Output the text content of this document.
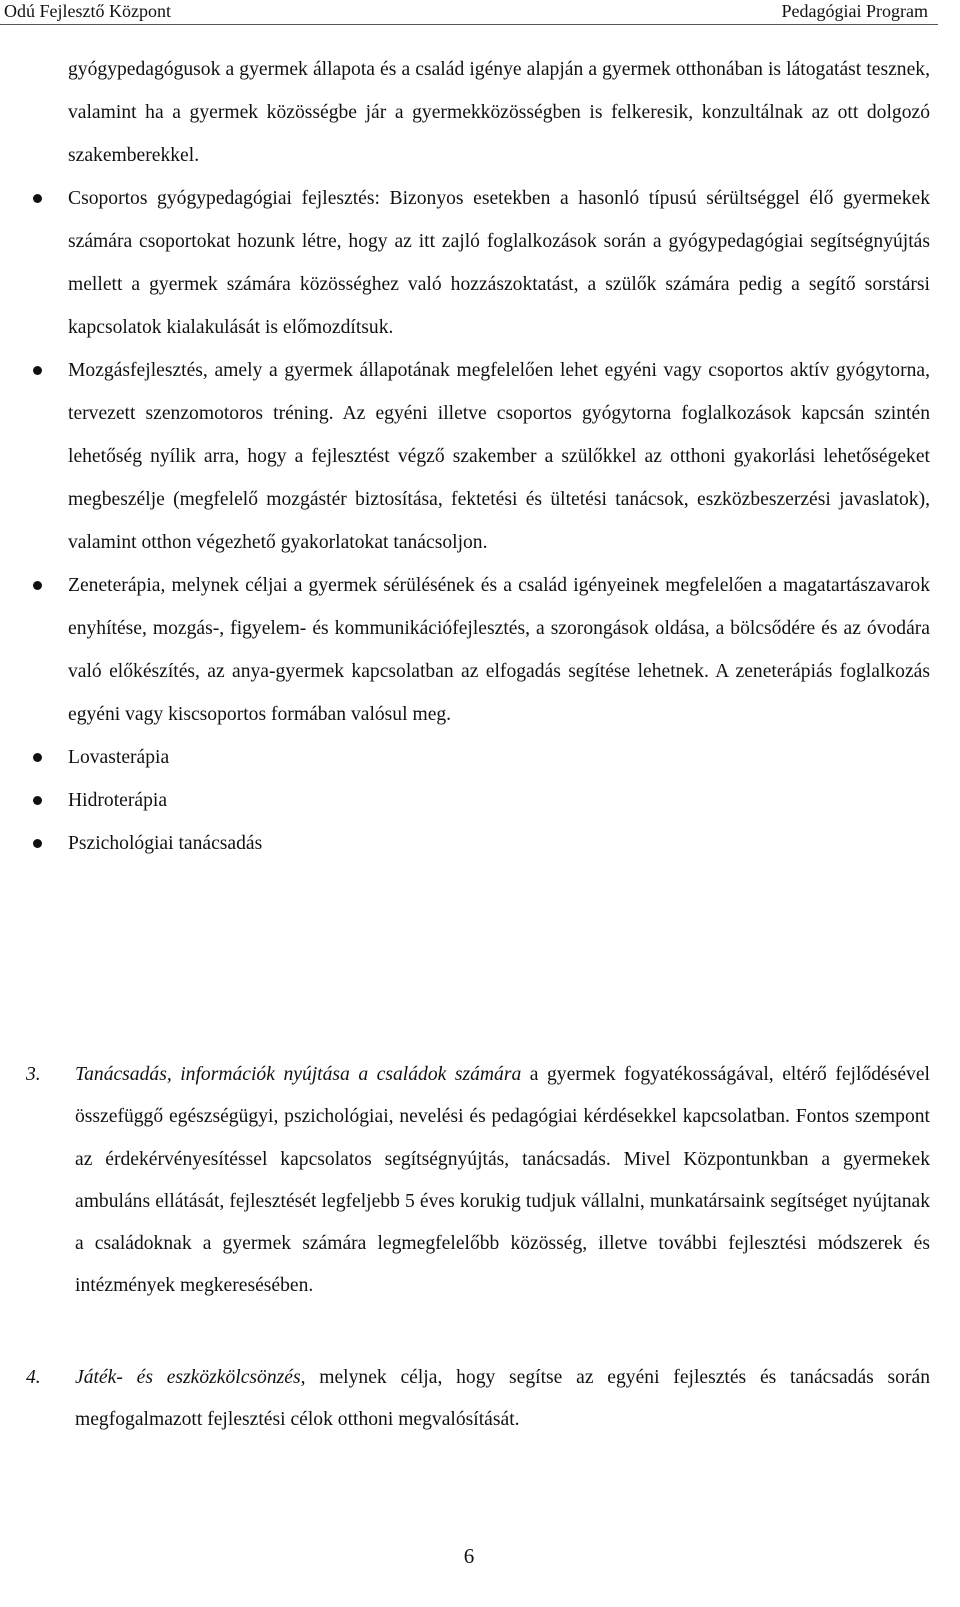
Odú Fejlesztő Központ	Pedagógiai Program

gyógypedagógusok a gyermek állapota és a család igénye alapján a gyermek otthonában is látogatást tesznek, valamint ha a gyermek közösségbe jár a gyermekközösségben is felkeresik, konzultálnak az ott dolgozó szakemberekkel.

Csoportos gyógypedagógiai fejlesztés: Bizonyos esetekben a hasonló típusú sérültséggel élő gyermekek számára csoportokat hozunk létre, hogy az itt zajló foglalkozások során a gyógypedagógiai segítségnyújtás mellett a gyermek számára közösséghez való hozzászoktatást, a szülők számára pedig a segítő sorstársi kapcsolatok kialakulását is előmozdítsuk.
Mozgásfejlesztés, amely a gyermek állapotának megfelelően lehet egyéni vagy csoportos aktív gyógytorna, tervezett szenzomotoros tréning. Az egyéni illetve csoportos gyógytorna foglalkozások kapcsán szintén lehetőség nyílik arra, hogy a fejlesztést végző szakember a szülőkkel az otthoni gyakorlási lehetőségeket megbeszélje (megfelelő mozgástér biztosítása, fektetési és ültetési tanácsok, eszközbeszerzési javaslatok), valamint otthon végezhető gyakorlatokat tanácsoljon.
Zeneterápia, melynek céljai a gyermek sérülésének és a család igényeinek megfelelően a magatartászavarok enyhítése, mozgás-, figyelem- és kommunikációfejlesztés, a szorongások oldása, a bölcsődére és az óvodára való előkészítés, az anya-gyermek kapcsolatban az elfogadás segítése lehetnek. A zeneterápiás foglalkozás egyéni vagy kiscsoportos formában valósul meg.
Lovasterápia
Hidroterápia
Pszichológiai tanácsadás
3. Tanácsadás, információk nyújtása a családok számára a gyermek fogyatékosságával, eltérő fejlődésével összefüggő egészségügyi, pszichológiai, nevelési és pedagógiai kérdésekkel kapcsolatban. Fontos szempont az érdekérvényesítéssel kapcsolatos segítségnyújtás, tanácsadás. Mivel Központunkban a gyermekek ambuláns ellátását, fejlesztését legfeljebb 5 éves korukig tudjuk vállalni, munkatársaink segítséget nyújtanak a családoknak a gyermek számára legmegfelelőbb közösség, illetve további fejlesztési módszerek és intézmények megkeresésében.
4. Játék- és eszközkölcsönzés, melynek célja, hogy segítse az egyéni fejlesztés és tanácsadás során megfogalmazott fejlesztési célok otthoni megvalósítását.
6
